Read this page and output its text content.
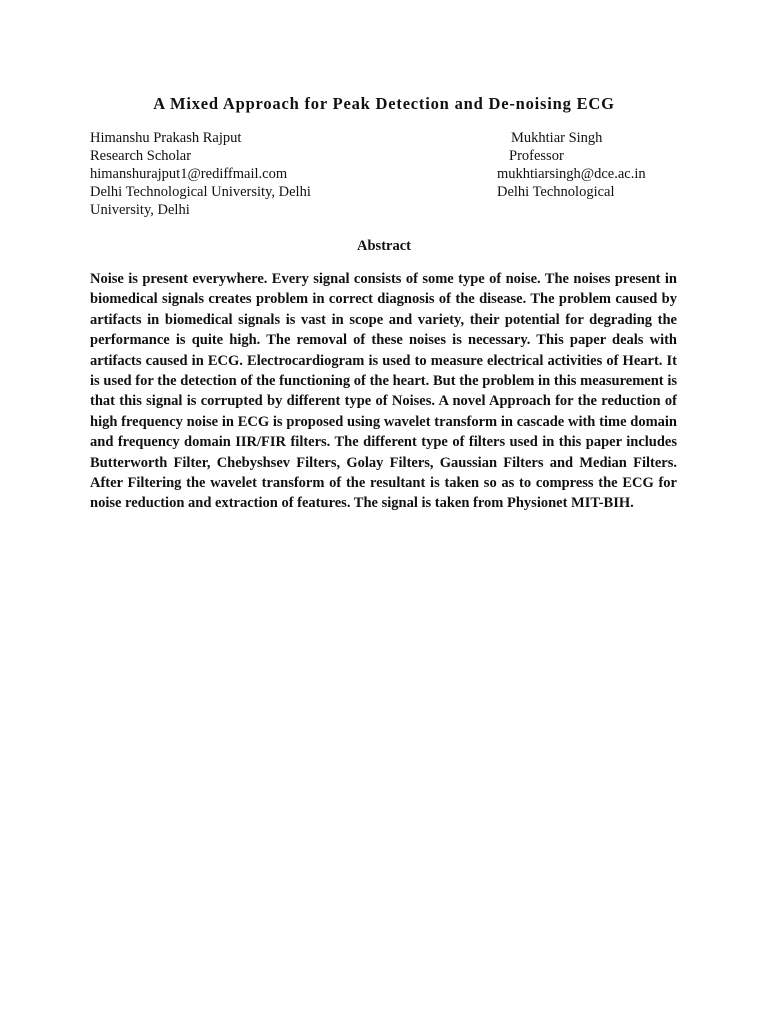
A Mixed Approach for Peak Detection and De-noising ECG
Himanshu Prakash Rajput
Research Scholar
himanshurajput1@rediffmail.com
Delhi Technological University, Delhi
University, Delhi
Mukhtiar Singh
Professor
mukhtiarsingh@dce.ac.in
Delhi Technological
Abstract

Noise is present everywhere. Every signal consists of some type of noise. The noises present in biomedical signals creates problem in correct diagnosis of the disease. The problem caused by artifacts in biomedical signals is vast in scope and variety, their potential for degrading the performance is quite high. The removal of these noises is necessary. This paper deals with artifacts caused in ECG. Electrocardiogram is used to measure electrical activities of Heart. It is used for the detection of the functioning of the heart. But the problem in this measurement is that this signal is corrupted by different type of Noises. A novel Approach for the reduction of high frequency noise in ECG is proposed using wavelet transform in cascade with time domain and frequency domain IIR/FIR filters. The different type of filters used in this paper includes Butterworth Filter, Chebyshsev Filters, Golay Filters, Gaussian Filters and Median Filters. After Filtering the wavelet transform of the resultant is taken so as to compress the ECG for noise reduction and extraction of features. The signal is taken from Physionet MIT-BIH.
